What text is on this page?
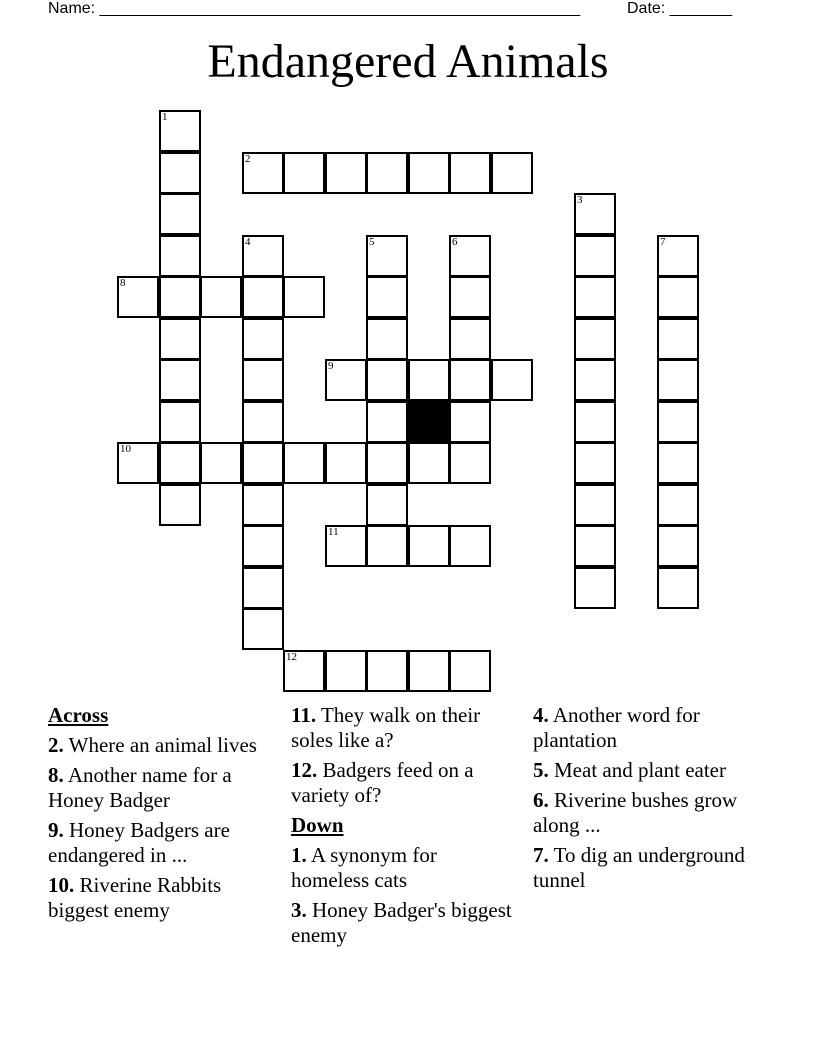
Name: ______________________________________________________	Date: _______
Endangered Animals
1
2
3
4	5	6	7
8
9
10
11
12
Across
2. Where an animal lives
8. Another name for a Honey Badger
9. Honey Badgers are endangered in ...
10. Riverine Rabbits biggest enemy
11. They walk on their soles like a?
12. Badgers feed on a variety of?
Down
1. A synonym for homeless cats
3. Honey Badger's biggest enemy
4. Another word for plantation
5. Meat and plant eater
6. Riverine bushes grow along ...
7. To dig an underground tunnel
